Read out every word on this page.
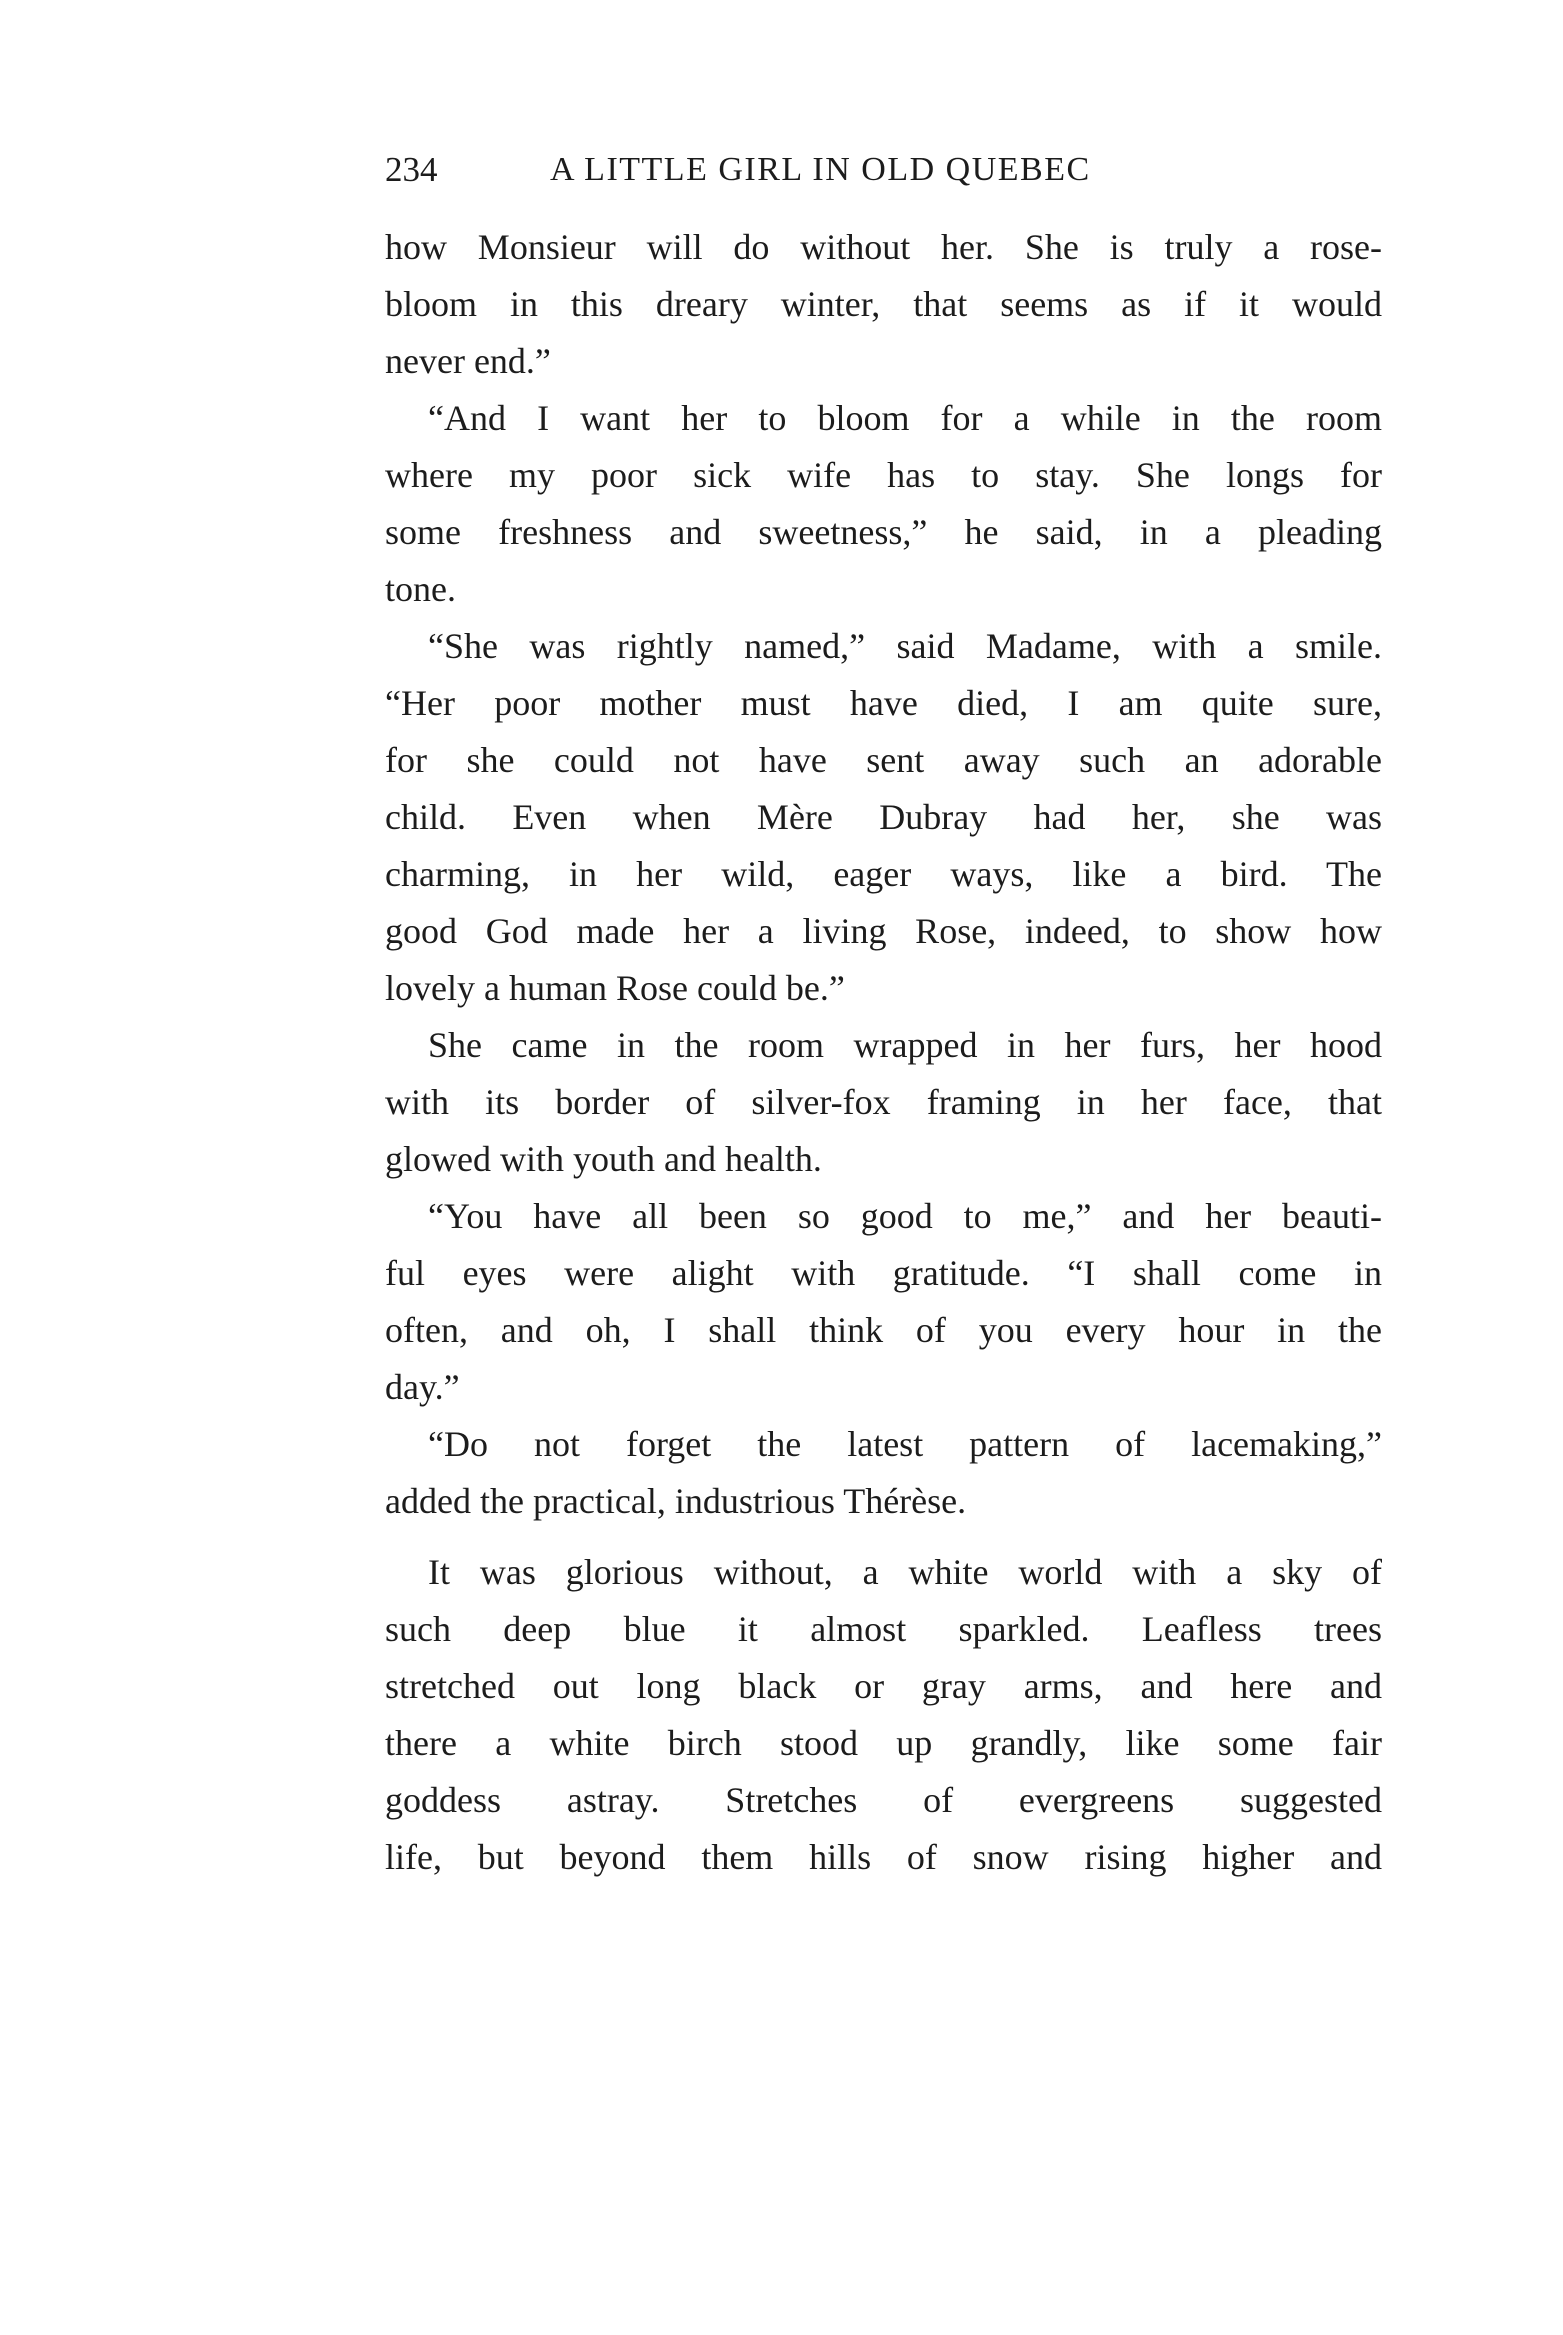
234	A LITTLE GIRL IN OLD QUEBEC
how Monsieur will do without her. She is truly a rose-
bloom in this dreary winter, that seems as if it would
never end.”
“And I want her to bloom for a while in the room
where my poor sick wife has to stay. She longs for
some freshness and sweetness,” he said, in a pleading
tone.
“She was rightly named,” said Madame, with a smile.
“Her poor mother must have died, I am quite sure,
for she could not have sent away such an adorable
child. Even when Mère Dubray had her, she was
charming, in her wild, eager ways, like a bird. The
good God made her a living Rose, indeed, to show how
lovely a human Rose could be.”
She came in the room wrapped in her furs, her hood
with its border of silver-fox framing in her face, that
glowed with youth and health.
“You have all been so good to me,” and her beauti-
ful eyes were alight with gratitude. “I shall come in
often, and oh, I shall think of you every hour in the
day.”
“Do not forget the latest pattern of lacemaking,”
added the practical, industrious Thérèse.
It was glorious without, a white world with a sky of
such deep blue it almost sparkled. Leafless trees
stretched out long black or gray arms, and here and
there a white birch stood up grandly, like some fair
goddess astray. Stretches of evergreens suggested
life, but beyond them hills of snow rising higher and
